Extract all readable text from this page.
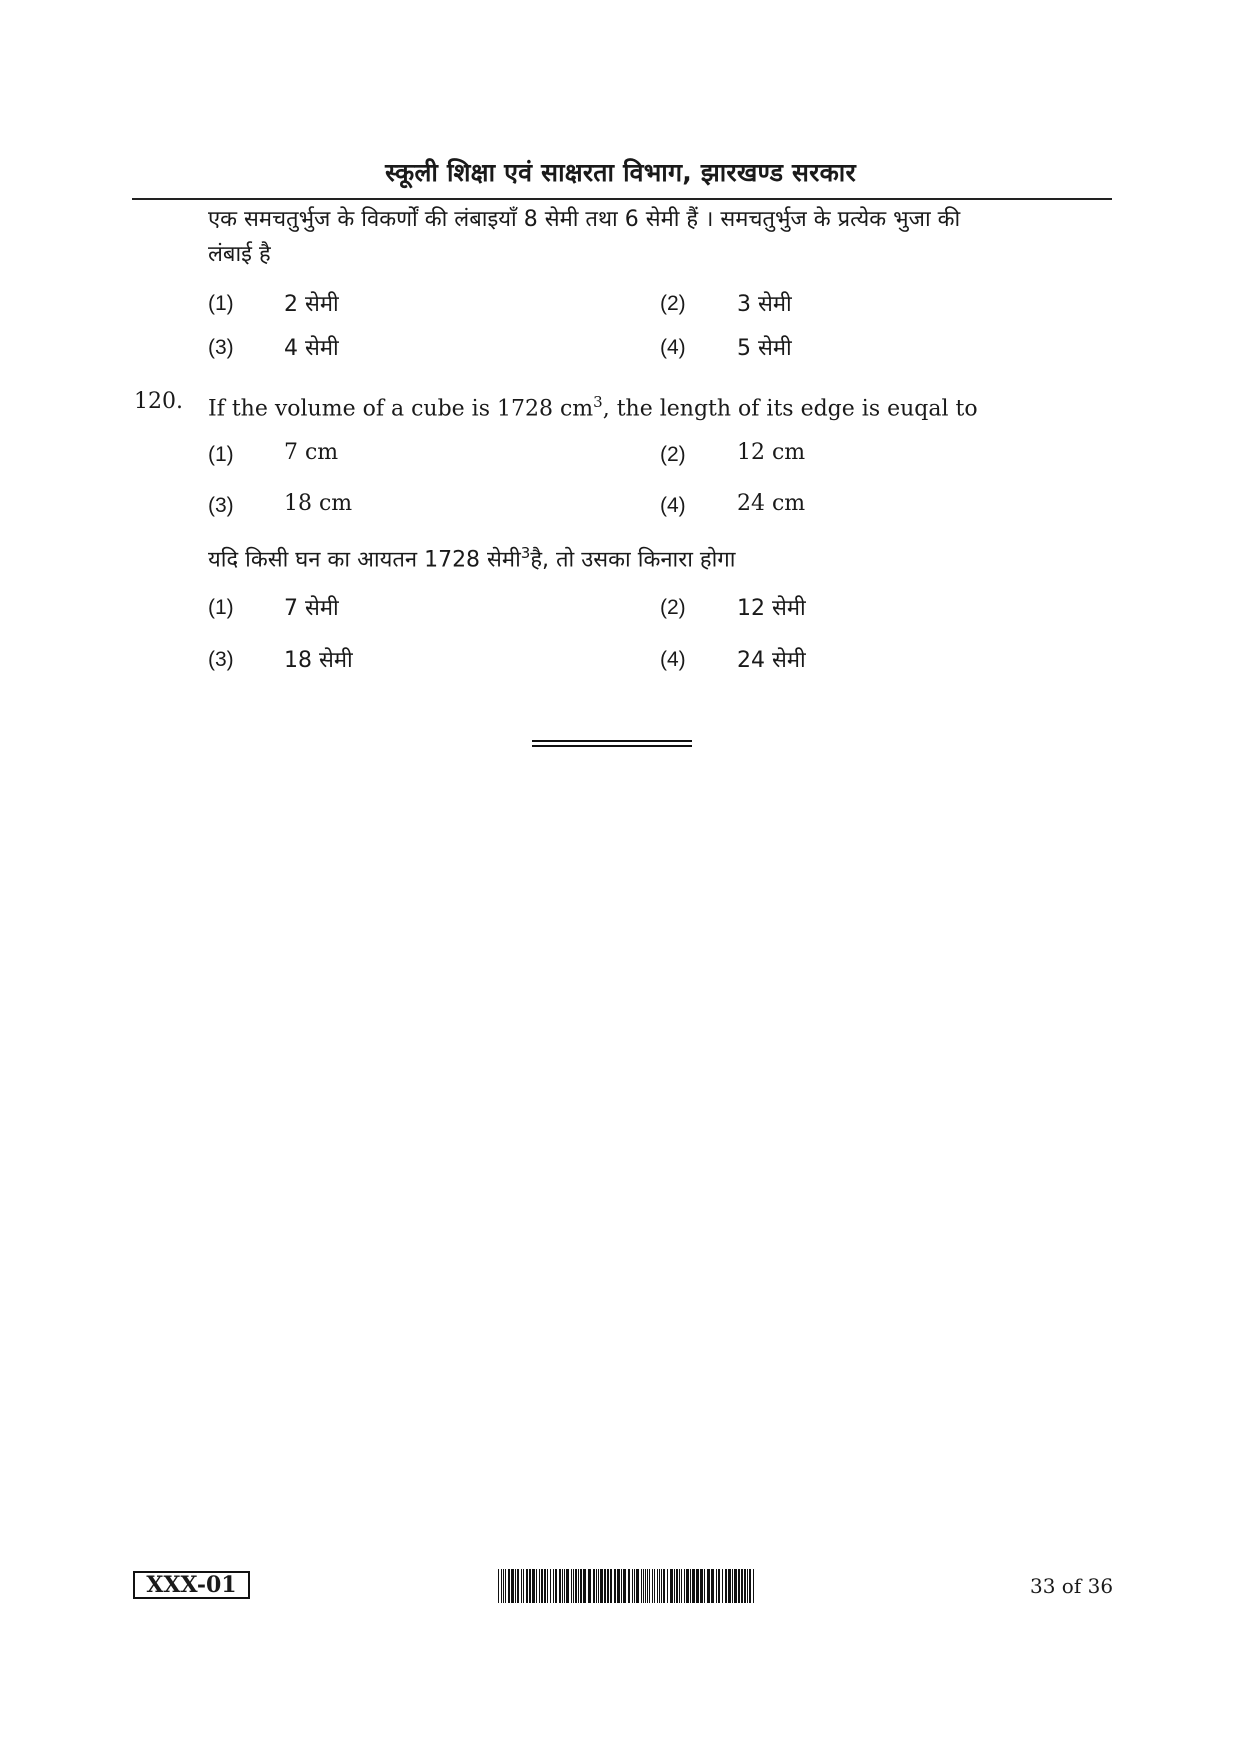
स्कूली शिक्षा एवं साक्षरता विभाग, झारखण्ड सरकार
एक समचतुर्भुज के विकर्णों की लंबाइयाँ 8 सेमी तथा 6 सेमी हैं । समचतुर्भुज के प्रत्येक भुजा की
लंबाई है
(1) 2 सेमी	(2) 3 सेमी
(3) 4 सेमी	(4) 5 सेमी
120. If the volume of a cube is 1728 $cm^3$, the length of its edge is euqal to
(1) 7 cm	(2) 12 cm
(3) 18 cm	(4) 24 cm
यदि किसी घन का आयतन 1728 सेमी$^3$है, तो उसका किनारा होगा
(1) 7 सेमी	(2) 12 सेमी
(3) 18 सेमी	(4) 24 सेमी
XXX-01	33 of 36
